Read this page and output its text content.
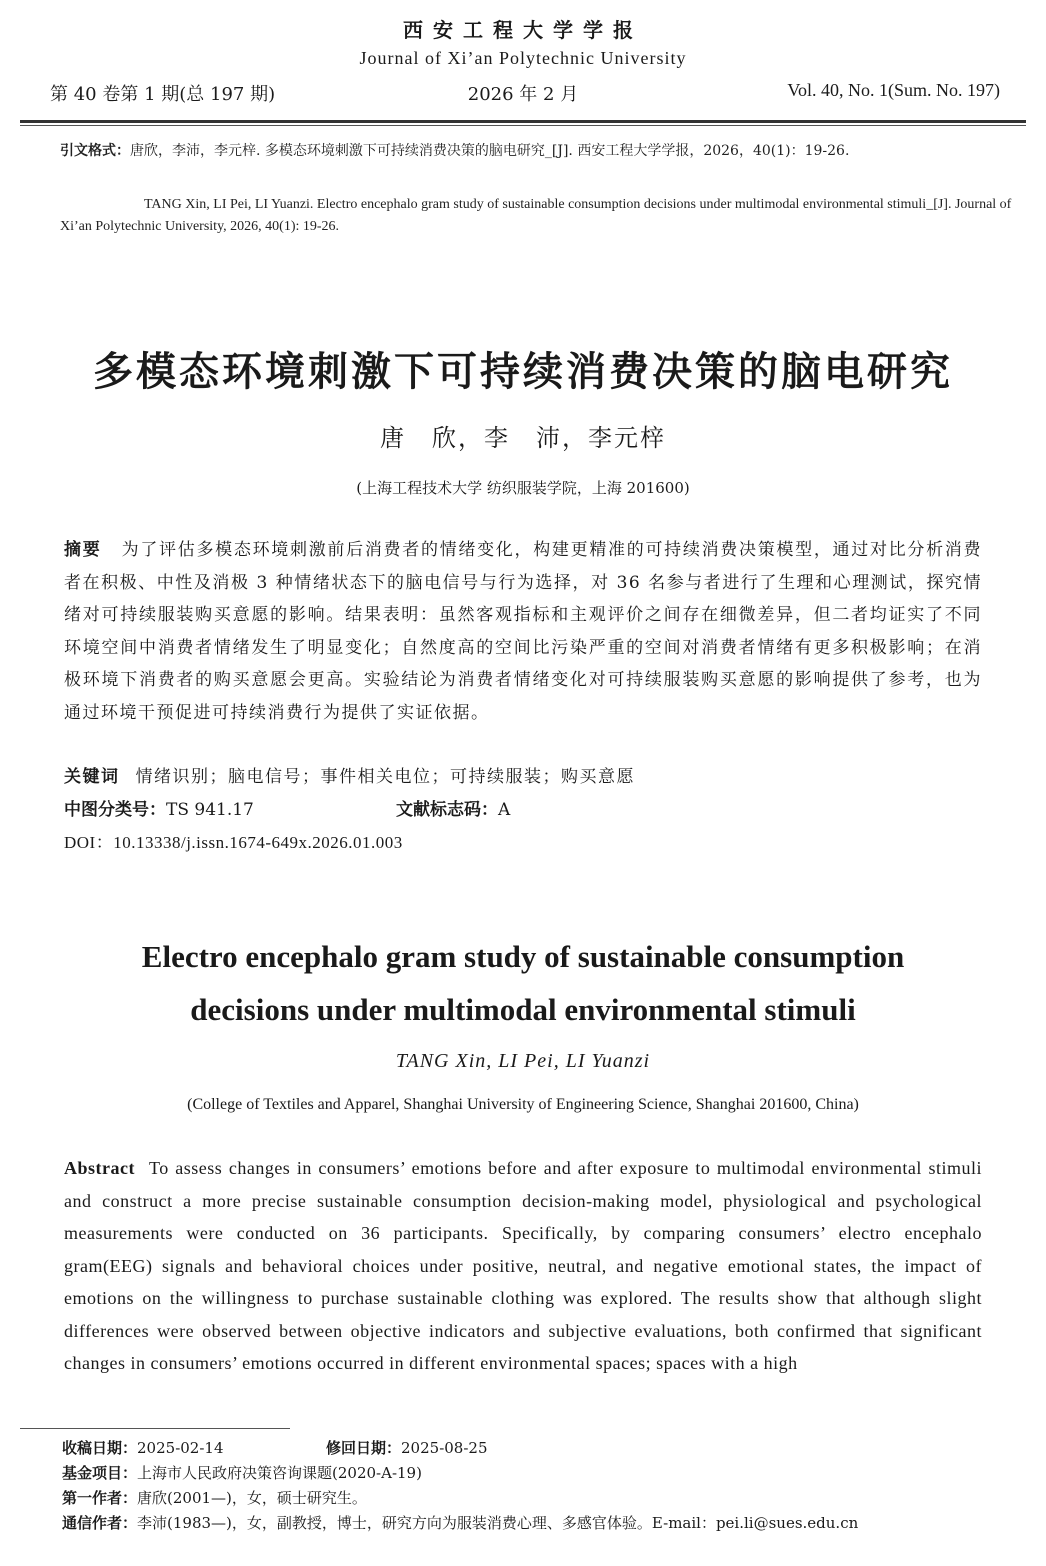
西安工程大学学报
Journal of Xi’an Polytechnic University
2026 年 2 月
第 40 卷第 1 期(总 197 期)	Vol. 40, No. 1(Sum. No. 197)
引文格式：唐欣，李沛，李元梓. 多模态环境刺激下可持续消费决策的脑电研究_[J]. 西安工程大学学报，2026，40(1)：19-26.
TANG Xin, LI Pei, LI Yuanzi. Electro encephalo gram study of sustainable consumption decisions under multimodal environmental stimuli_[J]. Journal of Xi’an Polytechnic University, 2026, 40(1): 19-26.
多模态环境刺激下可持续消费决策的脑电研究
唐　欣，李　沛，李元梓
(上海工程技术大学 纺织服装学院，上海 201600)
摘要 为了评估多模态环境刺激前后消费者的情绪变化，构建更精准的可持续消费决策模型，通过对比分析消费者在积极、中性及消极 3 种情绪状态下的脑电信号与行为选择，对 36 名参与者进行了生理和心理测试，探究情绪对可持续服装购买意愿的影响。结果表明：虽然客观指标和主观评价之间存在细微差异，但二者均证实了不同环境空间中消费者情绪发生了明显变化；自然度高的空间比污染严重的空间对消费者情绪有更多积极影响；在消极环境下消费者的购买意愿会更高。实验结论为消费者情绪变化对可持续服装购买意愿的影响提供了参考，也为通过环境干预促进可持续消费行为提供了实证依据。
关键词 情绪识别；脑电信号；事件相关电位；可持续服装；购买意愿
中图分类号：TS 941.17	文献标志码：A
DOI：10.13338/j.issn.1674-649x.2026.01.003
Electro encephalo gram study of sustainable consumption
decisions under multimodal environmental stimuli
TANG Xin, LI Pei, LI Yuanzi
(College of Textiles and Apparel, Shanghai University of Engineering Science, Shanghai 201600, China)
Abstract To assess changes in consumers’ emotions before and after exposure to multimodal environmental stimuli and construct a more precise sustainable consumption decision-making model, physiological and psychological measurements were conducted on 36 participants. Specifically, by comparing consumers’ electro encephalo gram(EEG) signals and behavioral choices under positive, neutral, and negative emotional states, the impact of emotions on the willingness to purchase sustainable clothing was explored. The results show that although slight differences were observed between objective indicators and subjective evaluations, both confirmed that significant changes in consumers’ emotions occurred in different environmental spaces; spaces with a high
收稿日期：2025-02-14	修回日期：2025-08-25
基金项目：上海市人民政府决策咨询课题(2020-A-19)
第一作者：唐欣(2001—)，女，硕士研究生。
通信作者：李沛(1983—)，女，副教授，博士，研究方向为服装消费心理、多感官体验。E-mail：pei.li@sues.edu.cn
